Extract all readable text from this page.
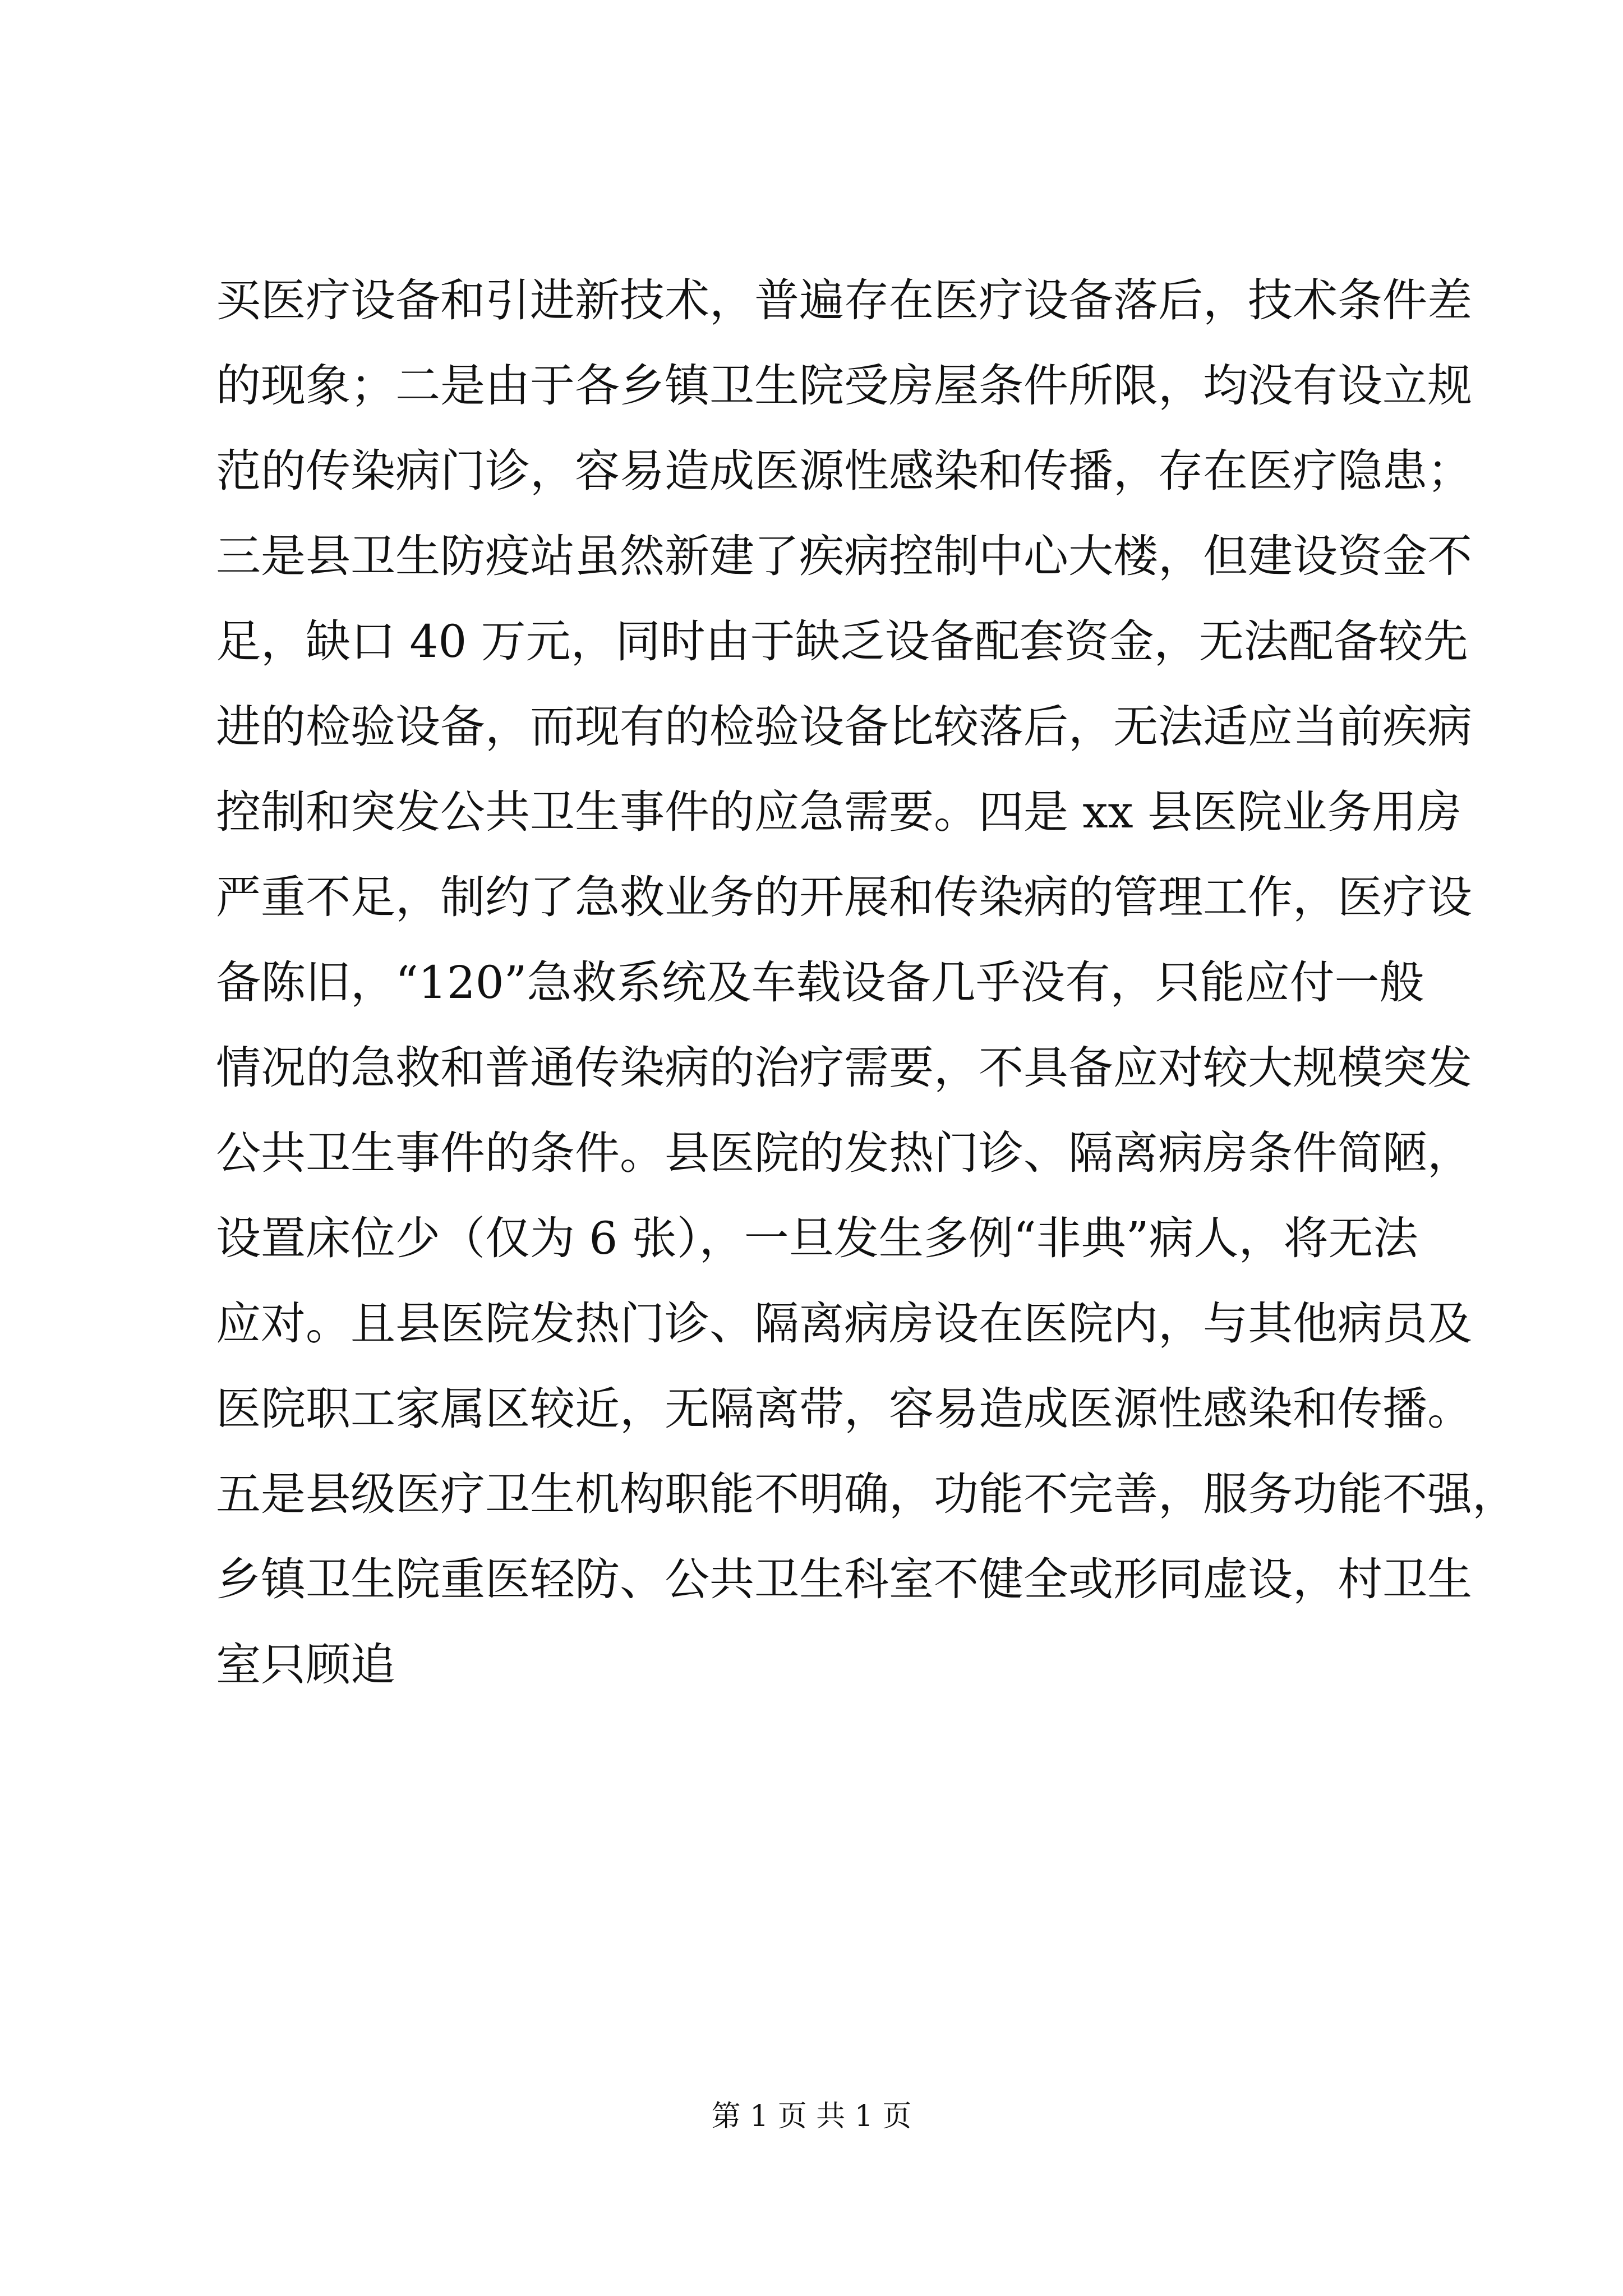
买医疗设备和引进新技术，普遍存在医疗设备落后，技术条件差
的现象；二是由于各乡镇卫生院受房屋条件所限，均没有设立规
范的传染病门诊，容易造成医源性感染和传播，存在医疗隐患；
三是县卫生防疫站虽然新建了疾病控制中心大楼，但建设资金不
足，缺口 40 万元，同时由于缺乏设备配套资金，无法配备较先
进的检验设备，而现有的检验设备比较落后，无法适应当前疾病
控制和突发公共卫生事件的应急需要。四是 xx 县医院业务用房
严重不足，制约了急救业务的开展和传染病的管理工作，医疗设
备陈旧，“120”急救系统及车载设备几乎没有，只能应付一般
情况的急救和普通传染病的治疗需要，不具备应对较大规模突发
公共卫生事件的条件。县医院的发热门诊、隔离病房条件简陋，
设置床位少（仅为 6 张），一旦发生多例“非典”病人，将无法
应对。且县医院发热门诊、隔离病房设在医院内，与其他病员及
医院职工家属区较近，无隔离带，容易造成医源性感染和传播。
五是县级医疗卫生机构职能不明确，功能不完善，服务功能不强，
乡镇卫生院重医轻防、公共卫生科室不健全或形同虚设，村卫生
室只顾追
第 1 页 共 1 页
